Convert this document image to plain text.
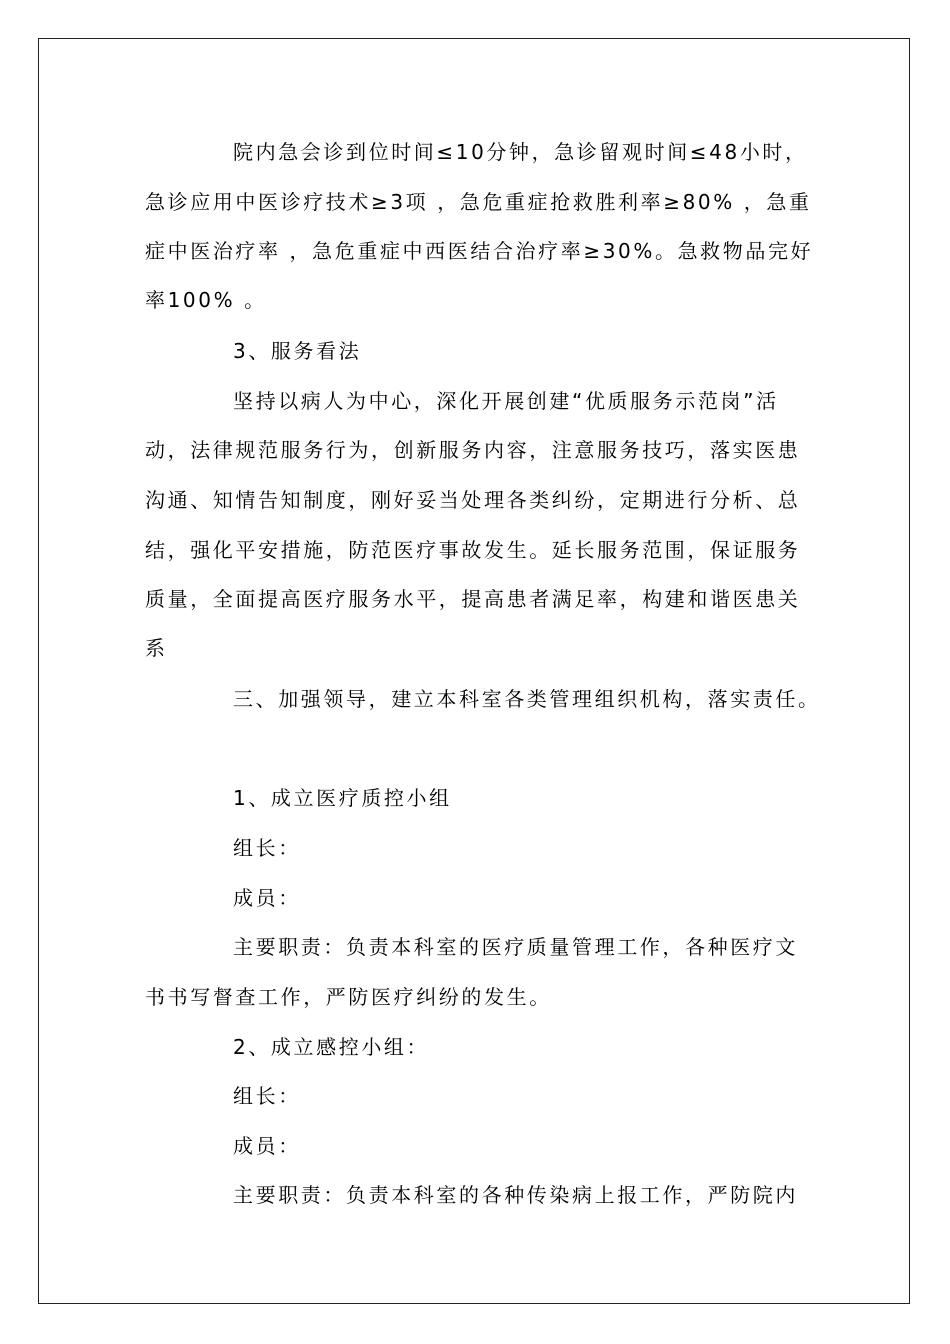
院内急会诊到位时间≤10分钟，急诊留观时间≤48小时，
急诊应用中医诊疗技术≥3项 ，急危重症抢救胜利率≥80% ，急重
症中医治疗率 ，急危重症中西医结合治疗率≥30%。急救物品完好
率100% 。
3、服务看法
坚持以病人为中心，深化开展创建“优质服务示范岗”活
动，法律规范服务行为，创新服务内容，注意服务技巧，落实医患
沟通、知情告知制度，刚好妥当处理各类纠纷，定期进行分析、总
结，强化平安措施，防范医疗事故发生。延长服务范围，保证服务
质量，全面提高医疗服务水平，提高患者满足率，构建和谐医患关
系
三、加强领导，建立本科室各类管理组织机构，落实责任。
1、成立医疗质控小组
组长：
成员：
主要职责：负责本科室的医疗质量管理工作，各种医疗文
书书写督查工作，严防医疗纠纷的发生。
2、成立感控小组：
组长：
成员：
主要职责：负责本科室的各种传染病上报工作，严防院内
